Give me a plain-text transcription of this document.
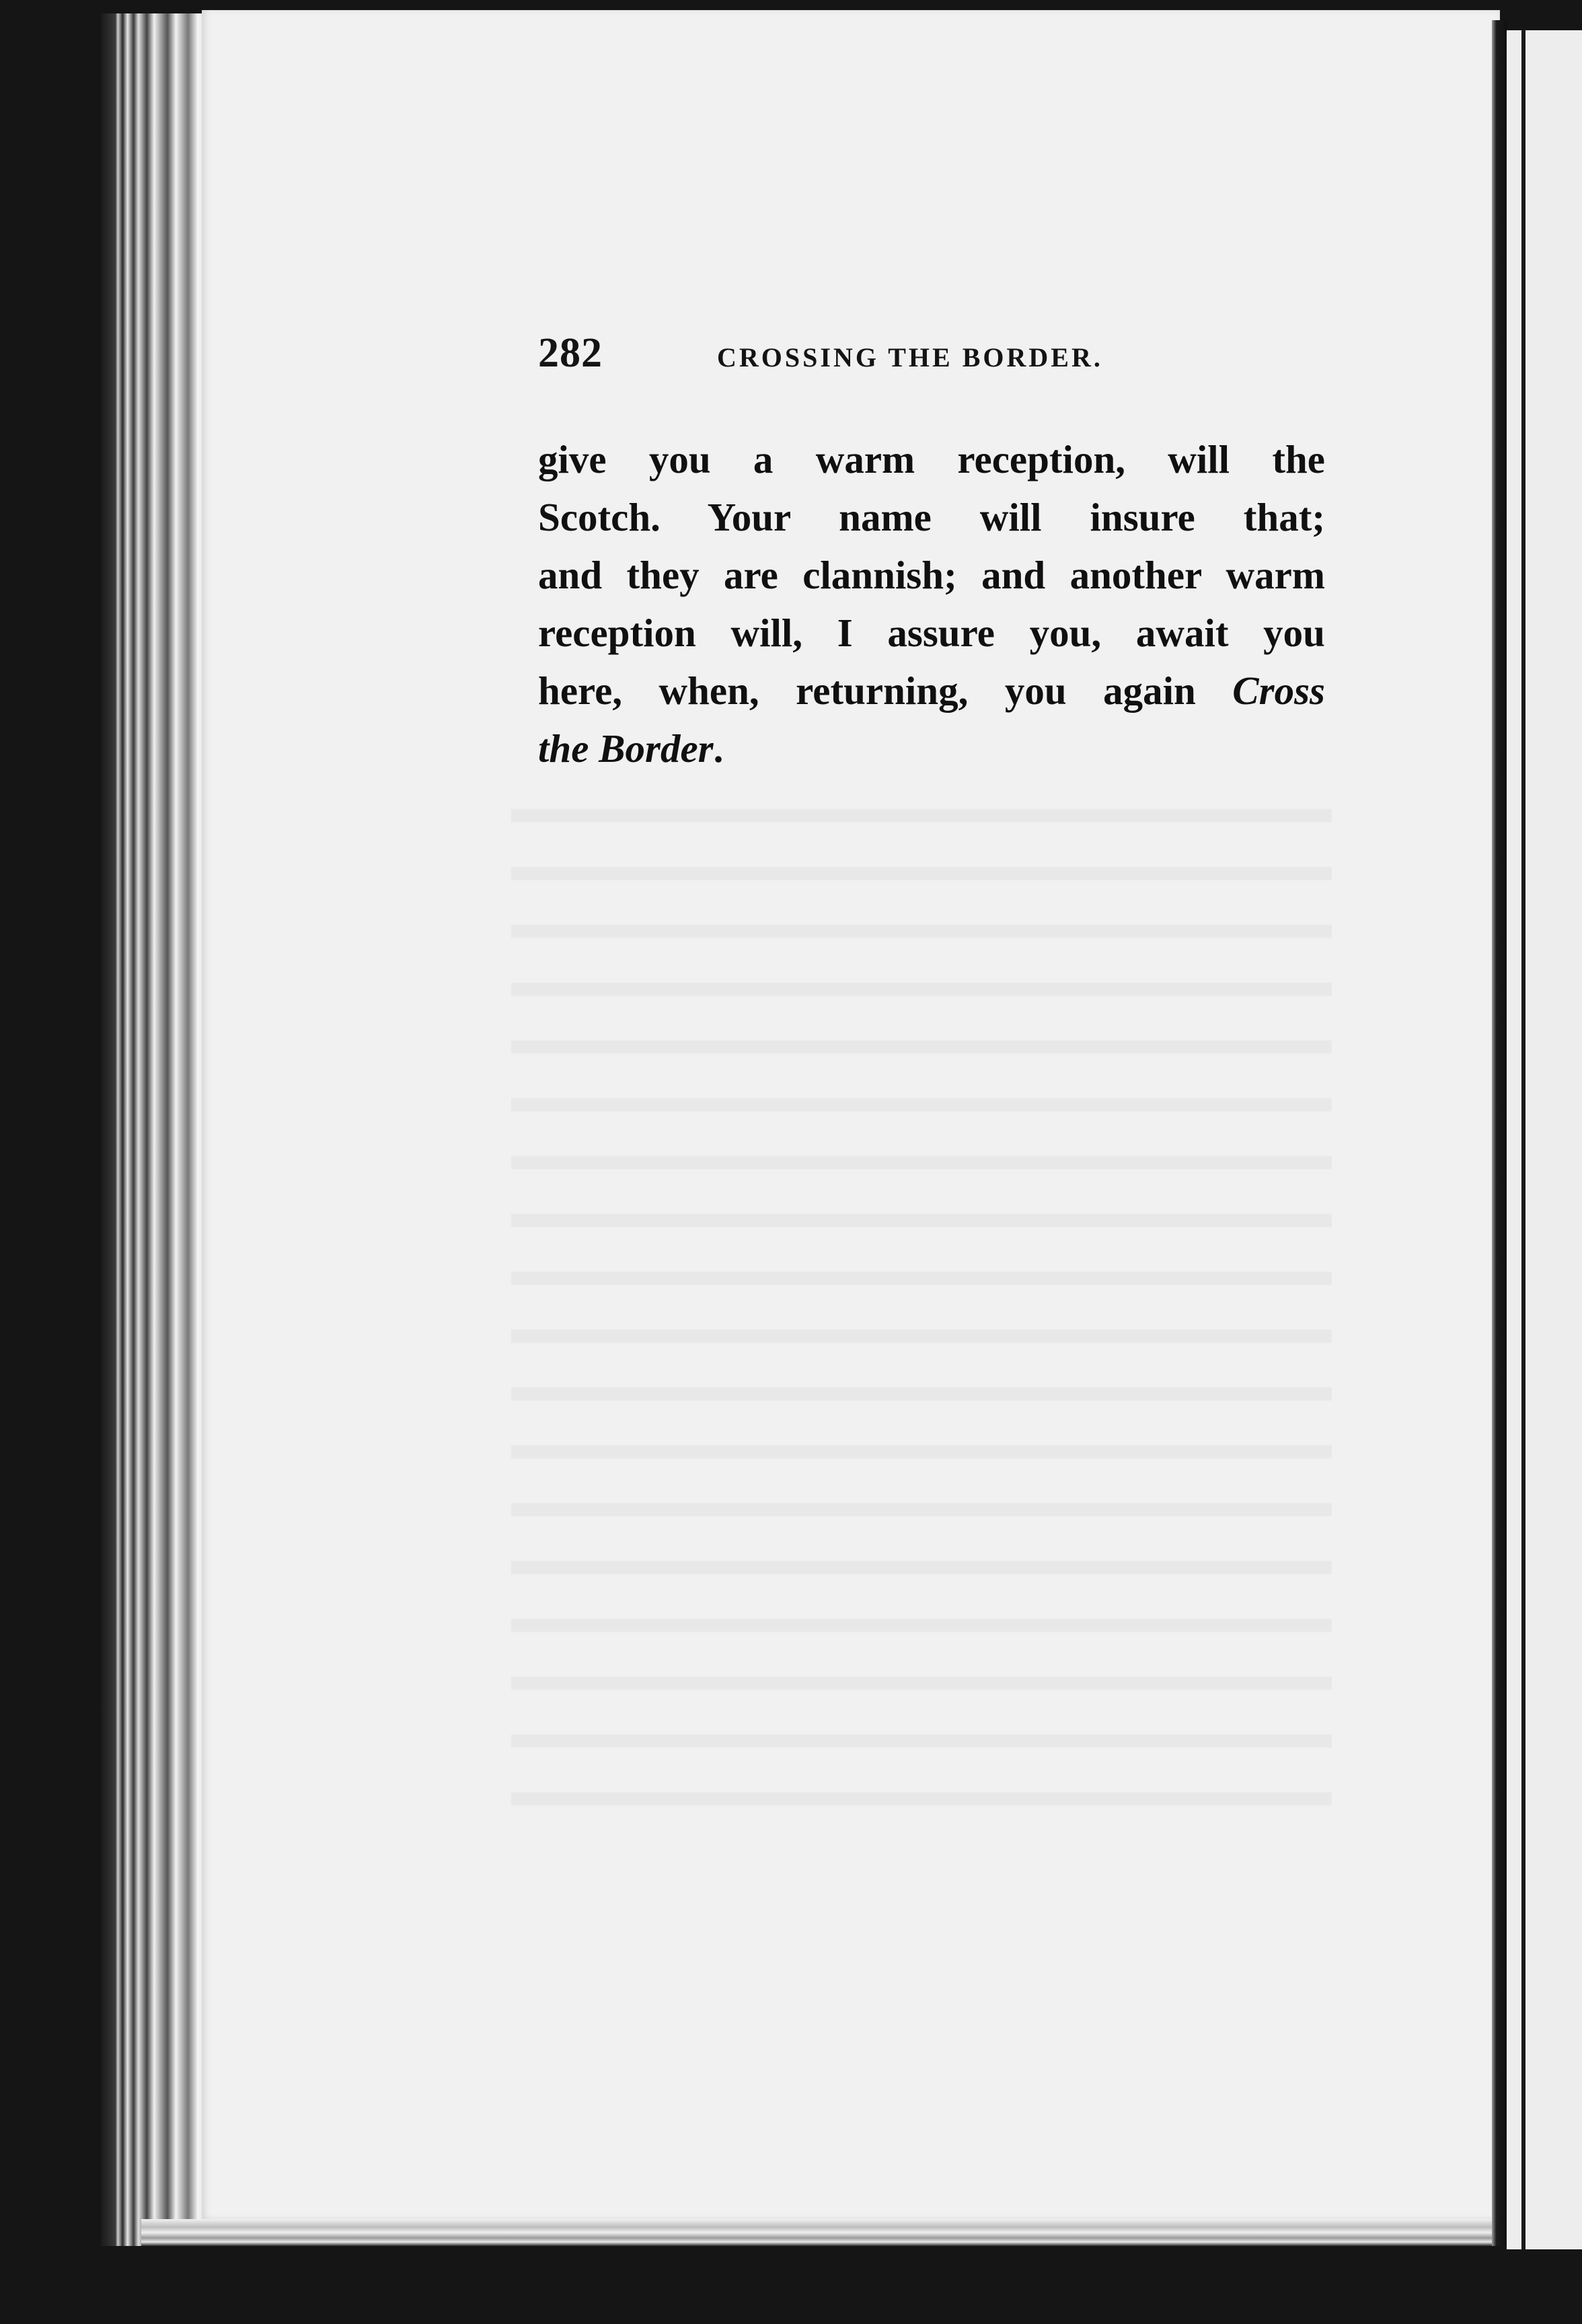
282	CROSSING THE BORDER.
give you a warm reception, will the
Scotch. Your name will insure that;
and they are clannish; and another warm
reception will, I assure you, await you
here, when, returning, you again Cross
the Border.
